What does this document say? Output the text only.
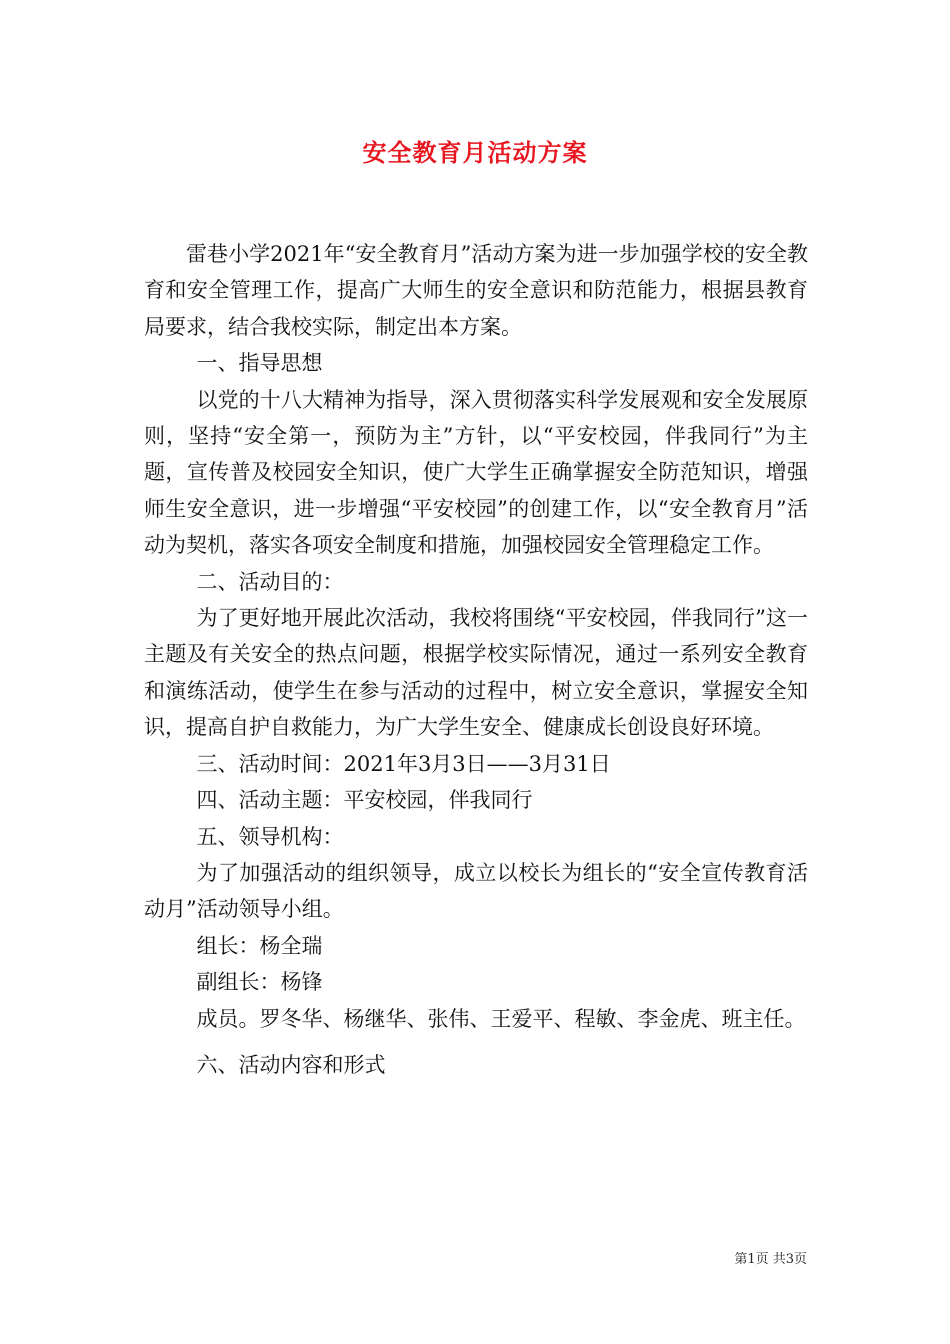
安全教育月活动方案

雷巷小学2021年“安全教育月”活动方案为进一步加强学校的安全教育和安全管理工作，提高广大师生的安全意识和防范能力，根据县教育局要求，结合我校实际，制定出本方案。

一、指导思想

以党的十八大精神为指导，深入贯彻落实科学发展观和安全发展原则，坚持“安全第一，预防为主”方针，以“平安校园，伴我同行”为主题，宣传普及校园安全知识，使广大学生正确掌握安全防范知识，增强师生安全意识，进一步增强“平安校园”的创建工作，以“安全教育月”活动为契机，落实各项安全制度和措施，加强校园安全管理稳定工作。

二、活动目的：

为了更好地开展此次活动，我校将围绕“平安校园，伴我同行”这一主题及有关安全的热点问题，根据学校实际情况，通过一系列安全教育和演练活动，使学生在参与活动的过程中，树立安全意识，掌握安全知识，提高自护自救能力，为广大学生安全、健康成长创设良好环境。

三、活动时间：2021年3月3日——3月31日

四、活动主题：平安校园，伴我同行

五、领导机构：

为了加强活动的组织领导，成立以校长为组长的“安全宣传教育活动月”活动领导小组。

组长：杨全瑞

副组长：杨锋

成员。罗冬华、杨继华、张伟、王爱平、程敏、李金虎、班主任。

六、活动内容和形式

第1页 共3页
